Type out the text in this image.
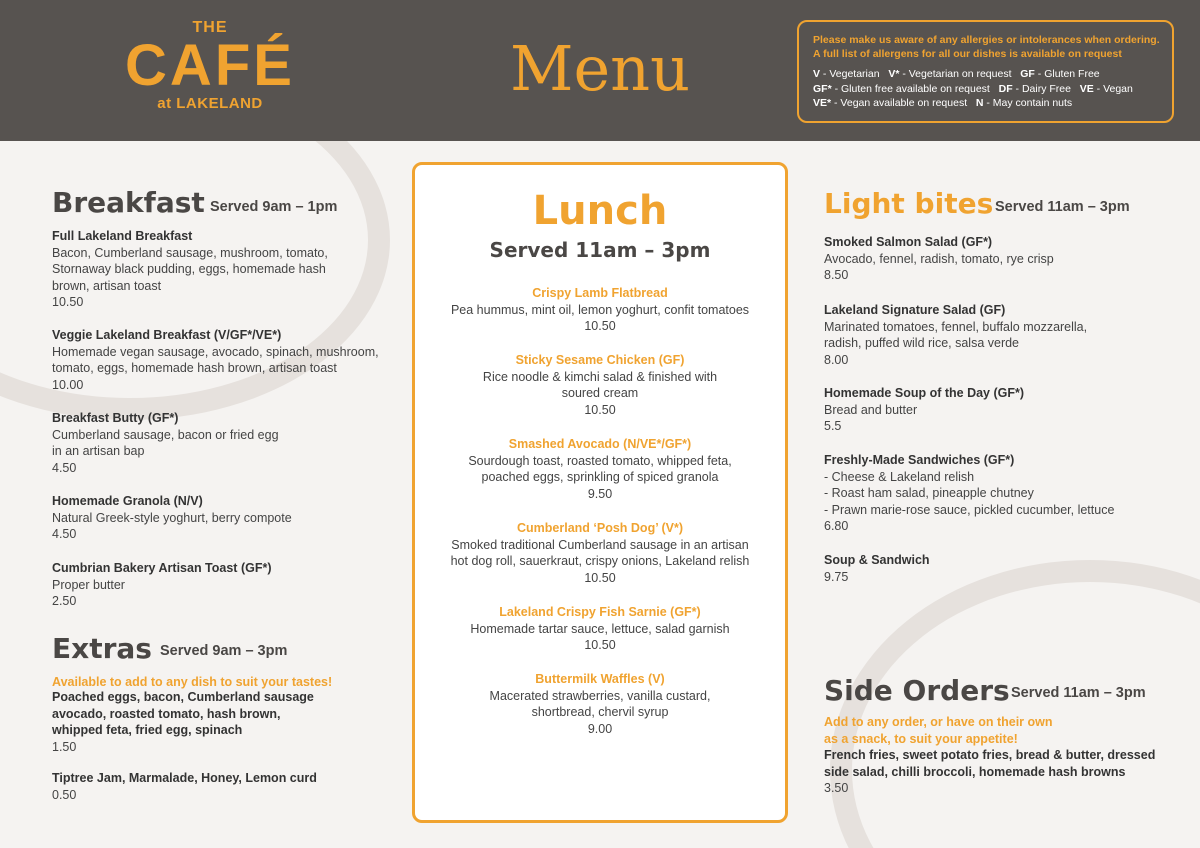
THE
CAFÉ
at LAKELAND	Menu	Please make us aware of any allergies or intolerances when ordering.
A full list of allergens for all our dishes is available on request
V - Vegetarian V* - Vegetarian on request GF - Gluten Free
GF* - Gluten free available on request DF - Dairy Free VE - Vegan
VE* - Vegan available on request N - May contain nuts
Breakfast Served 9am – 1pm
Full Lakeland Breakfast
Bacon, Cumberland sausage, mushroom, tomato,
Stornaway black pudding, eggs, homemade hash
brown, artisan toast
10.50
Veggie Lakeland Breakfast (V/GF*/VE*)
Homemade vegan sausage, avocado, spinach, mushroom,
tomato, eggs, homemade hash brown, artisan toast
10.00
Breakfast Butty (GF*)
Cumberland sausage, bacon or fried egg
in an artisan bap
4.50
Homemade Granola (N/V)
Natural Greek-style yoghurt, berry compote
4.50
Cumbrian Bakery Artisan Toast (GF*)
Proper butter
2.50
Extras Served 9am – 3pm
Available to add to any dish to suit your tastes!
Poached eggs, bacon, Cumberland sausage
avocado, roasted tomato, hash brown,
whipped feta, fried egg, spinach
1.50
Tiptree Jam, Marmalade, Honey, Lemon curd
0.50
Lunch
Served 11am – 3pm
Crispy Lamb Flatbread
Pea hummus, mint oil, lemon yoghurt, confit tomatoes
10.50
Sticky Sesame Chicken (GF)
Rice noodle & kimchi salad & finished with
soured cream
10.50
Smashed Avocado (N/VE*/GF*)
Sourdough toast, roasted tomato, whipped feta,
poached eggs, sprinkling of spiced granola
9.50
Cumberland ‘Posh Dog’ (V*)
Smoked traditional Cumberland sausage in an artisan
hot dog roll, sauerkraut, crispy onions, Lakeland relish
10.50
Lakeland Crispy Fish Sarnie (GF*)
Homemade tartar sauce, lettuce, salad garnish
10.50
Buttermilk Waffles (V)
Macerated strawberries, vanilla custard,
shortbread, chervil syrup
9.00
Light bites Served 11am – 3pm
Smoked Salmon Salad (GF*)
Avocado, fennel, radish, tomato, rye crisp
8.50
Lakeland Signature Salad (GF)
Marinated tomatoes, fennel, buffalo mozzarella,
radish, puffed wild rice, salsa verde
8.00
Homemade Soup of the Day (GF*)
Bread and butter
5.5
Freshly-Made Sandwiches (GF*)
- Cheese & Lakeland relish
- Roast ham salad, pineapple chutney
- Prawn marie-rose sauce, pickled cucumber, lettuce
6.80
Soup & Sandwich
9.75
Side Orders Served 11am – 3pm
Add to any order, or have on their own
as a snack, to suit your appetite!
French fries, sweet potato fries, bread & butter, dressed
side salad, chilli broccoli, homemade hash browns
3.50
